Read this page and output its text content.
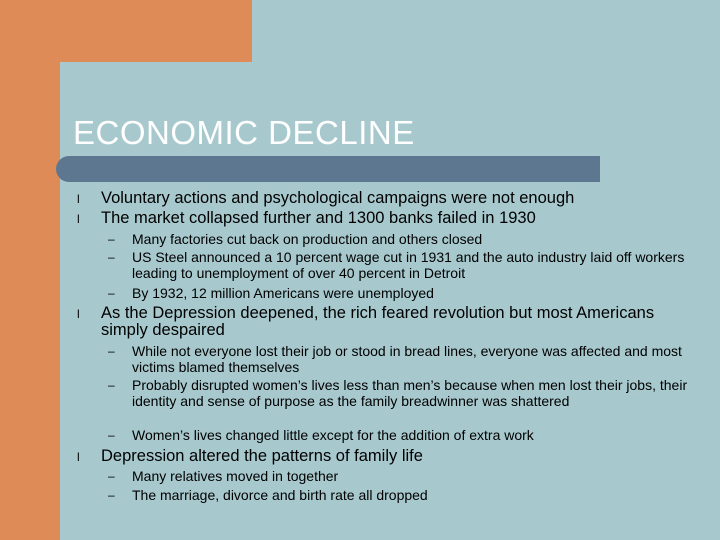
ECONOMIC DECLINE
l Voluntary actions and psychological campaigns were not enough
l The market collapsed further and 1300 banks failed in 1930
– Many factories cut back on production and others closed
– US Steel announced a 10 percent wage cut in 1931 and the auto industry laid off workers leading to unemployment of over 40 percent in Detroit
– By 1932, 12 million Americans were unemployed
l As the Depression deepened, the rich feared revolution but most Americans simply despaired
– While not everyone lost their job or stood in bread lines, everyone was affected and most victims blamed themselves
– Probably disrupted women’s lives less than men’s because when men lost their jobs, their identity and sense of purpose as the family breadwinner was shattered
– Women’s lives changed little except for the addition of extra work
l Depression altered the patterns of family life
– Many relatives moved in together
– The marriage, divorce and birth rate all dropped
